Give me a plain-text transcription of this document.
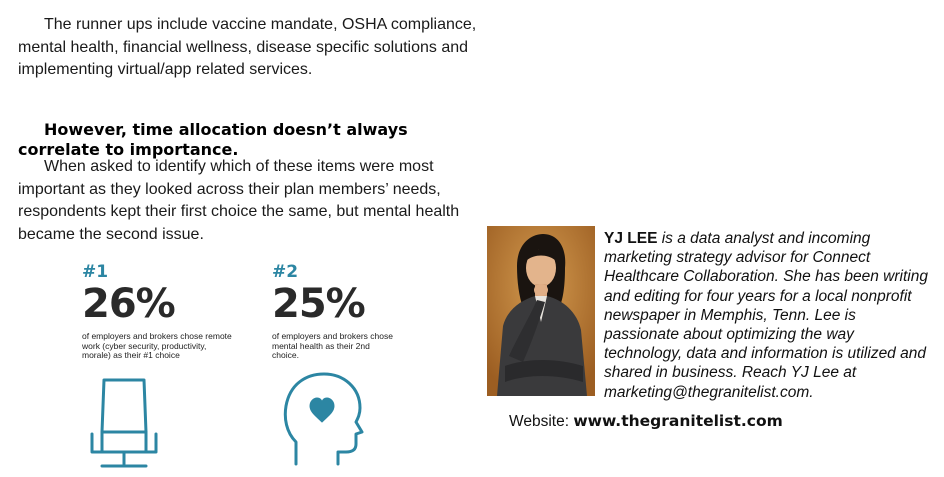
The runner ups include vaccine mandate, OSHA compliance, mental health, financial wellness, disease specific solutions and implementing virtual/app related services.

However, time allocation doesn’t always correlate to importance.

When asked to identify which of these items were most important as they looked across their plan members’ needs, respondents kept their first choice the same, but mental health became the second issue.

#1
26%
of employers and brokers chose remote work (cyber security, productivity, morale) as their #1 choice
#2
25%
of employers and brokers chose mental health as their 2nd choice.
YJ LEE is a data analyst and incoming marketing strategy advisor for Connect Healthcare Collaboration. She has been writing and editing for four years for a local nonprofit newspaper in Memphis, Tenn. Lee is passionate about optimizing the way technology, data and information is utilized and shared in business. Reach YJ Lee at marketing@thegranitelist.com.
Website: www.thegranitelist.com
